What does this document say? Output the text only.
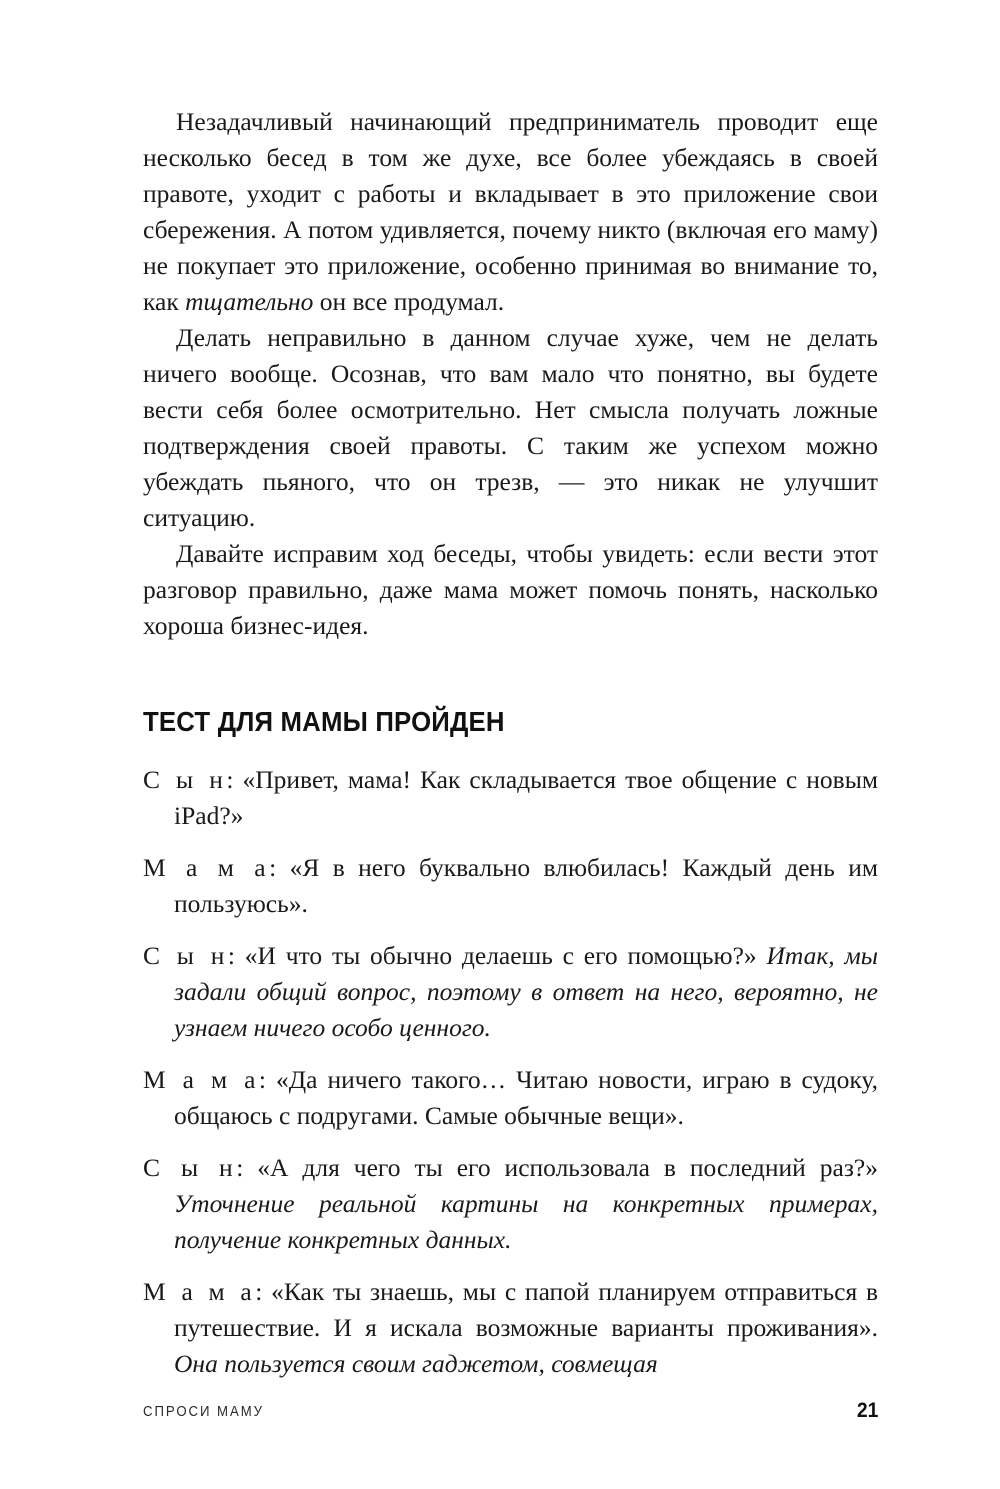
Незадачливый начинающий предприниматель проводит еще несколько бесед в том же духе, все более убеждаясь в своей правоте, уходит с работы и вкладывает в это приложение свои сбережения. А потом удивляется, почему никто (включая его маму) не покупает это приложение, особенно принимая во внимание то, как тщательно он все продумал.

Делать неправильно в данном случае хуже, чем не делать ничего вообще. Осознав, что вам мало что понятно, вы будете вести себя более осмотрительно. Нет смысла получать ложные подтверждения своей правоты. С таким же успехом можно убеждать пьяного, что он трезв, — это никак не улучшит ситуацию.

Давайте исправим ход беседы, чтобы увидеть: если вести этот разговор правильно, даже мама может помочь понять, насколько хороша бизнес-идея.

ТЕСТ ДЛЯ МАМЫ ПРОЙДЕН

С ы н: «Привет, мама! Как складывается твое общение с новым iPad?»

М а м а: «Я в него буквально влюбилась! Каждый день им пользуюсь».

С ы н: «И что ты обычно делаешь с его помощью?» Итак, мы задали общий вопрос, поэтому в ответ на него, вероятно, не узнаем ничего особо ценного.

М а м а: «Да ничего такого… Читаю новости, играю в судоку, общаюсь с подругами. Самые обычные вещи».

С ы н: «А для чего ты его использовала в последний раз?» Уточнение реальной картины на конкретных примерах, получение конкретных данных.

М а м а: «Как ты знаешь, мы с папой планируем отправиться в путешествие. И я искала возможные варианты проживания». Она пользуется своим гаджетом, совмещая

СПРОСИ МАМУ	21
